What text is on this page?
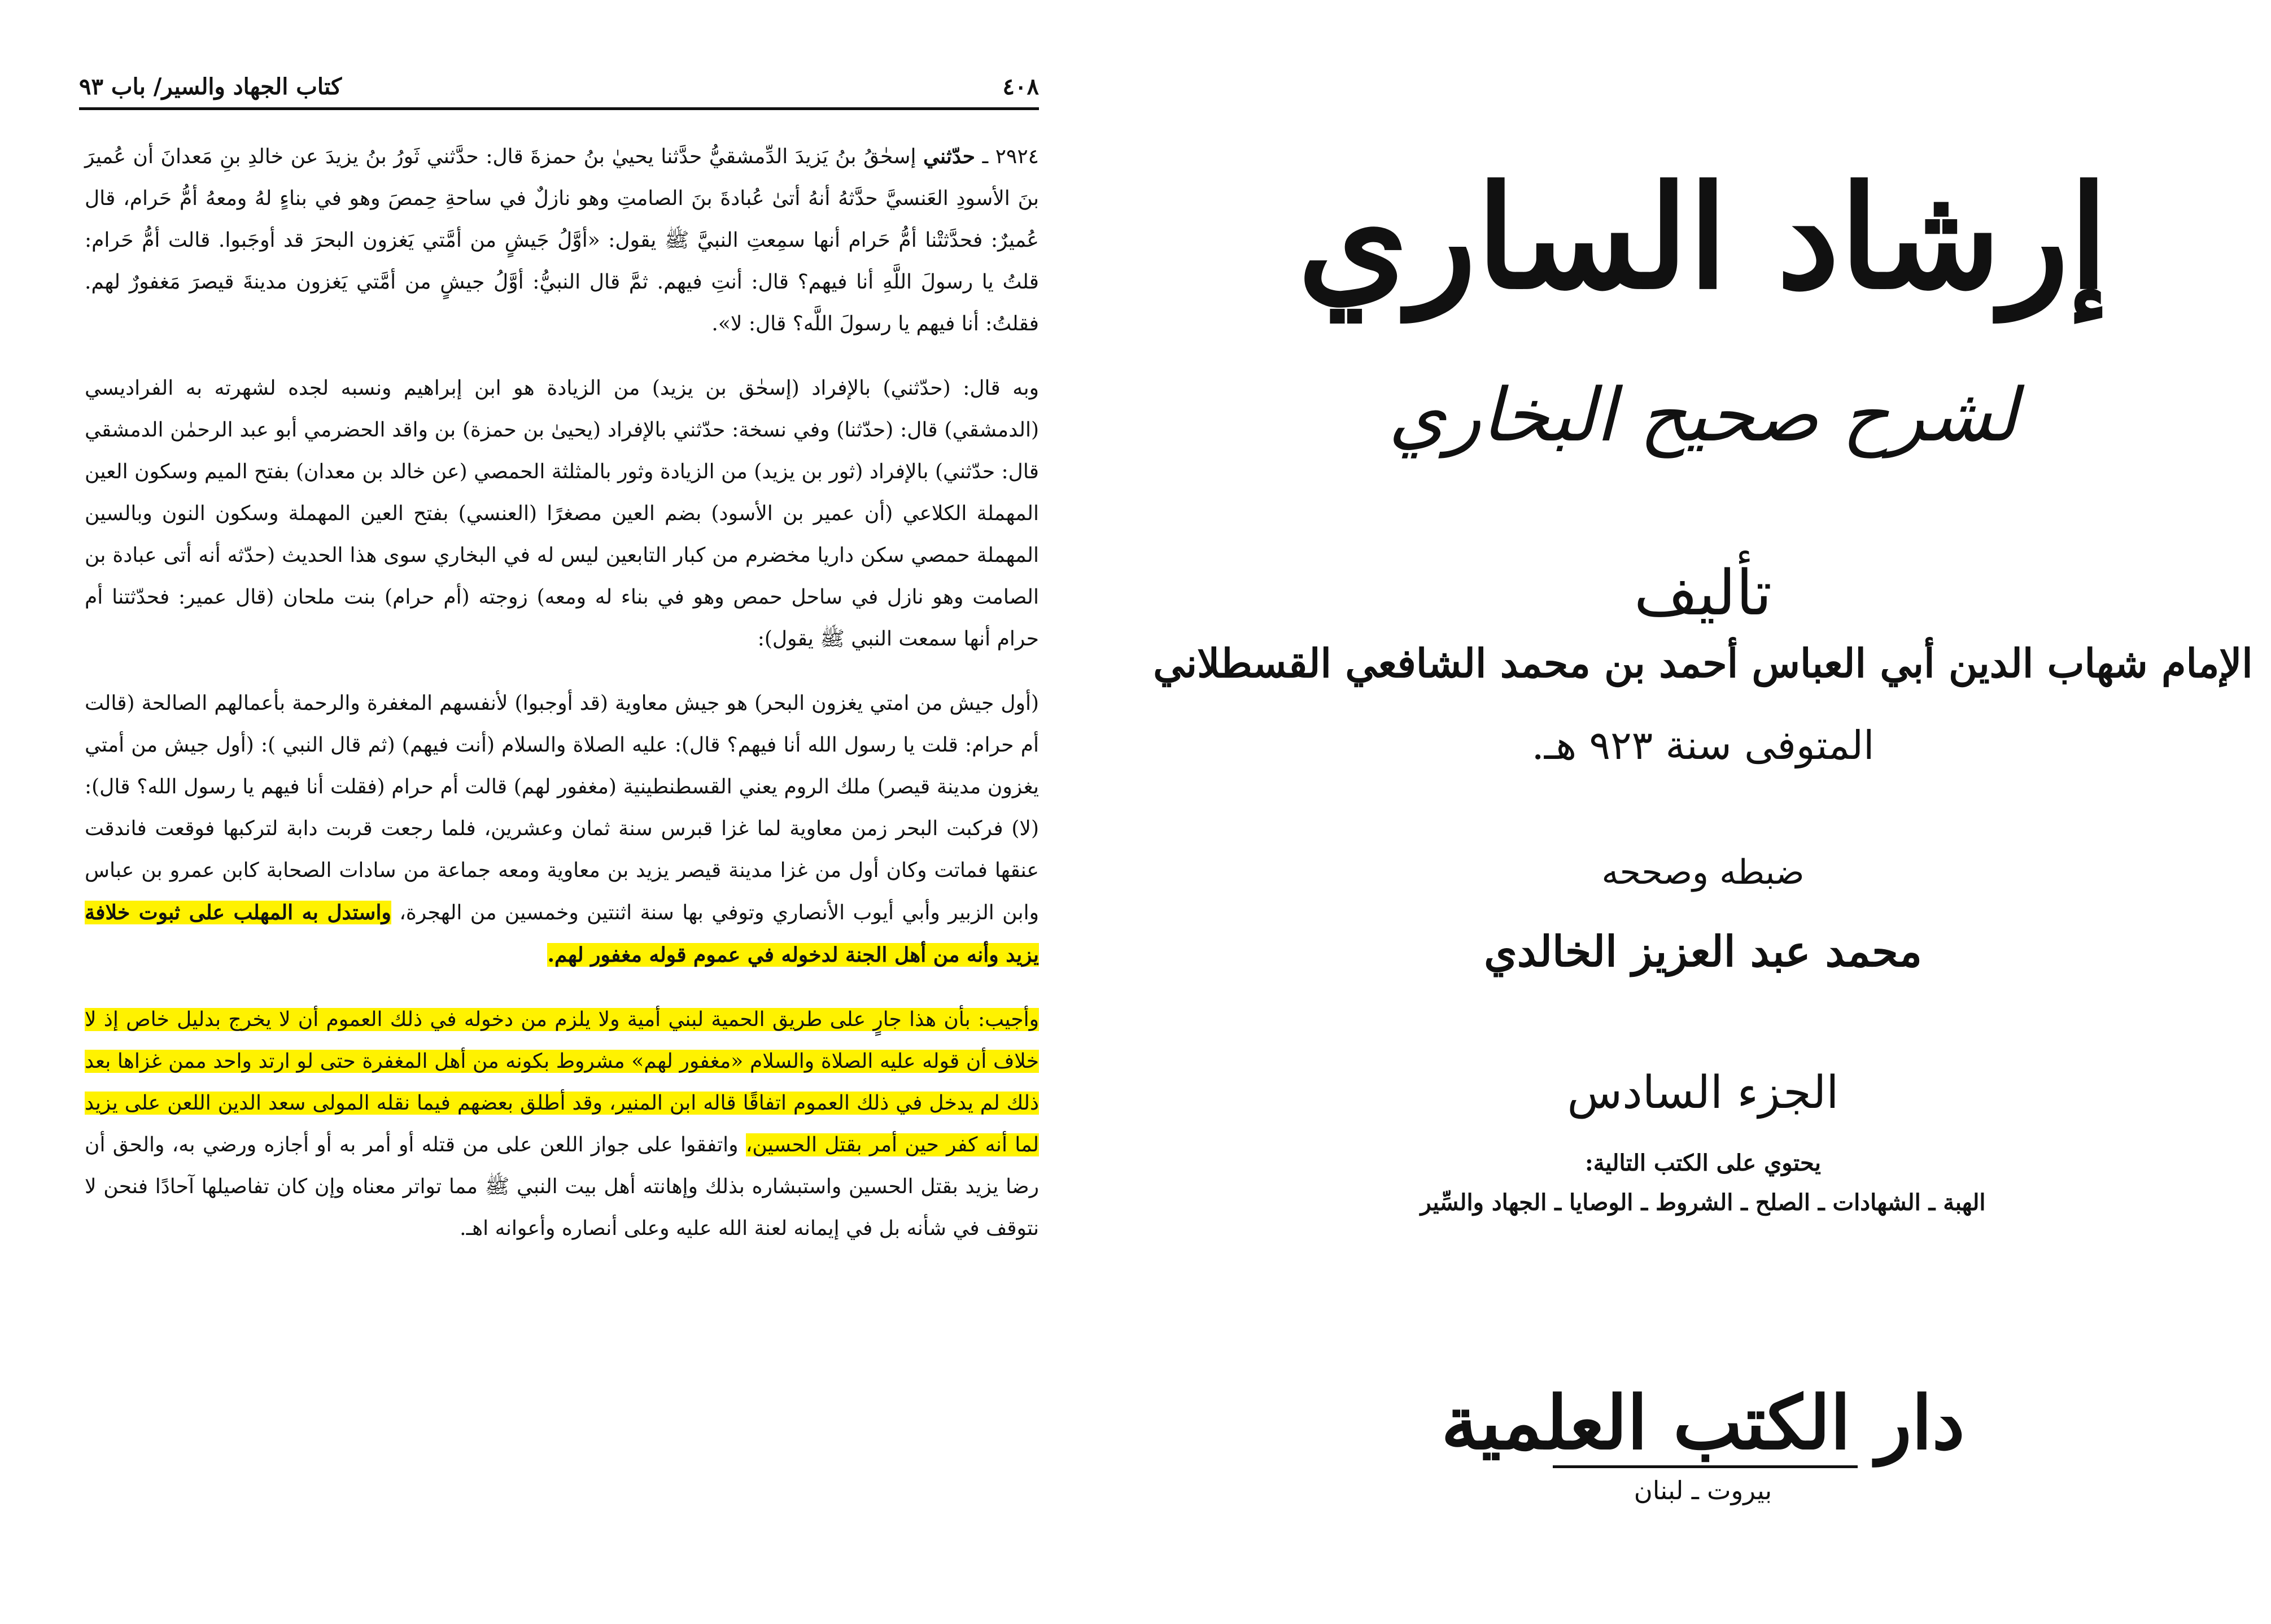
٤٠٨
كتاب الجهاد والسير/ باب ٩٣

٢٩٢٤ ـ حدّثني إسحٰقُ بنُ يَزيدَ الدِّمشقيُّ حدَّثنا يحييٰ بنُ حمزةَ قال: حدَّثني ثَورُ بنُ يزيدَ عن خالدِ بنِ مَعدانَ أن عُميرَ بنَ الأسودِ العَنسيَّ حدَّثهُ أنهُ أتىٰ عُبادةَ بنَ الصامتِ وهو نازلٌ في ساحةِ حِمصَ وهو في بناءٍ لهُ ومعهُ أمُّ حَرام، قال عُميرٌ: فحدَّثتْنا أمُّ حَرام أنها سمِعتِ النبيَّ ﷺ يقول: «أوَّلُ جَيشٍ من أمَّتي يَغزون البحرَ قد أوجَبوا. قالت أمُّ حَرام: قلتُ يا رسولَ اللَّهِ أنا فيهم؟ قال: أنتِ فيهم. ثمَّ قال النبيُّ: أوَّلُ جيشٍ من أمَّتي يَغزون مدينةَ قيصرَ مَغفورٌ لهم. فقلتُ: أنا فيهم يا رسولَ اللَّه؟ قال: لا».

وبه قال: (حدّثني) بالإفراد (إسحٰق بن يزيد) من الزيادة هو ابن إبراهيم ونسبه لجده لشهرته به الفراديسي (الدمشقي) قال: (حدّثنا) وفي نسخة: حدّثني بالإفراد (يحيىٰ بن حمزة) بن واقد الحضرمي أبو عبد الرحمٰن الدمشقي قال: حدّثني) بالإفراد (ثور بن يزيد) من الزيادة وثور بالمثلثة الحمصي (عن خالد بن معدان) بفتح الميم وسكون العين المهملة الكلاعي (أن عمير بن الأسود) بضم العين مصغرًا (العنسي) بفتح العين المهملة وسكون النون وبالسين المهملة حمصي سكن داريا مخضرم من كبار التابعين ليس له في البخاري سوى هذا الحديث (حدّثه أنه أتى عبادة بن الصامت وهو نازل في ساحل حمص وهو في بناء له ومعه) زوجته (أم حرام) بنت ملحان (قال عمير: فحدّثتنا أم حرام أنها سمعت النبي ﷺ يقول):

(أول جيش من امتي يغزون البحر) هو جيش معاوية (قد أوجبوا) لأنفسهم المغفرة والرحمة بأعمالهم الصالحة (قالت أم حرام: قلت يا رسول الله أنا فيهم؟ قال): عليه الصلاة والسلام (أنت فيهم) (ثم قال النبي ): (أول جيش من أمتي يغزون مدينة قيصر) ملك الروم يعني القسطنطينية (مغفور لهم) قالت أم حرام (فقلت أنا فيهم يا رسول الله؟ قال): (لا) فركبت البحر زمن معاوية لما غزا قبرس سنة ثمان وعشرين، فلما رجعت قربت دابة لتركبها فوقعت فاندقت عنقها فماتت وكان أول من غزا مدينة قيصر يزيد بن معاوية ومعه جماعة من سادات الصحابة كابن عمرو بن عباس وابن الزبير وأبي أيوب الأنصاري وتوفي بها سنة اثنتين وخمسين من الهجرة، واستدل به المهلب على ثبوت خلافة يزيد وأنه من أهل الجنة لدخوله في عموم قوله مغفور لهم.

وأجيب: بأن هذا جارٍ على طريق الحمية لبني أمية ولا يلزم من دخوله في ذلك العموم أن لا يخرج بدليل خاص إذ لا خلاف أن قوله عليه الصلاة والسلام «مغفور لهم» مشروط بكونه من أهل المغفرة حتى لو ارتد واحد ممن غزاها بعد ذلك لم يدخل في ذلك العموم اتفاقًا قاله ابن المنير، وقد أطلق بعضهم فيما نقله المولى سعد الدين اللعن على يزيد لما أنه كفر حين أمر بقتل الحسين، واتفقوا على جواز اللعن على من قتله أو أمر به أو أجازه ورضي به، والحق أن رضا يزيد بقتل الحسين واستبشاره بذلك وإهانته أهل بيت النبي ﷺ مما تواتر معناه وإن كان تفاصيلها آحادًا فنحن لا نتوقف في شأنه بل في إيمانه لعنة الله عليه وعلى أنصاره وأعوانه اهـ.

إرشاد الساري
لشرح صحيح البخاري
تأليف
الإمام شهاب الدين أبي العباس أحمد بن محمد الشافعي القسطلاني
المتوفى سنة ٩٢٣ هـ.
ضبطه وصححه
محمد عبد العزيز الخالدي
الجزء السادس
يحتوي على الكتب التالية:
الهبة ـ الشهادات ـ الصلح ـ الشروط ـ الوصايا ـ الجهاد والسِّير
دار الكتب العلمية
بيروت ـ لبنان
